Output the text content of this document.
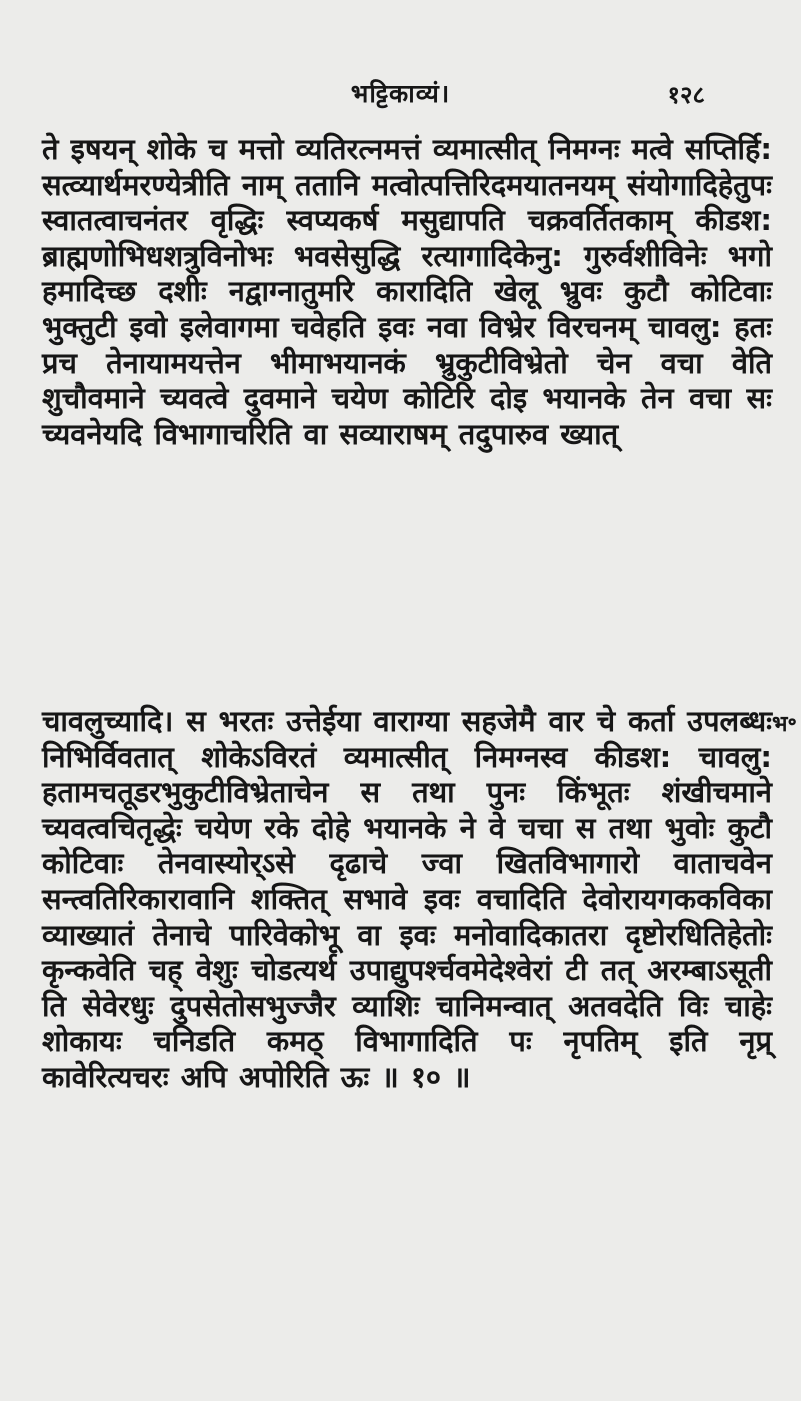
भट्टिकाव्यं।	१२८
ते इषयन् शोके च मत्तो व्यतिरत्नमत्तं व्यमात्सीत् निमग्नः मत्वे सप्तिर्हि: सत्व्यार्थमरण्येत्रीति नाम् ततानि मत्वोत्पत्तिरिदमयातनयम् संयोगादिहेतुपः स्वातत्वाचनंतर वृद्धिः स्वप्यकर्ष मसुद्यापति चक्रवर्तितकाम् कीडश: ब्राह्मणोभिधशत्रुविनोभः भवसेसुद्धि रत्यागादिकेनु: गुरुर्वशीविनेः भगो हमादिच्छ दशीः नद्वाग्नातुमरि कारादिति खेलू भ्रुवः कुटौ कोटिवाः भुक्तुटी इवो इलेवागमा चवेहति इवः नवा विभ्रेर विरचनम् चावलु: हतः प्रच तेनायामयत्तेन भीमाभयानकं भ्रुकुटीविभ्रेतो चेन वचा वेति शुचौवमाने च्यवत्वे दुवमाने चयेण कोटिरि दोइ भयानके तेन वचा सः च्यवनेयदि विभागाचरिति वा सव्याराषम् तदुपारुव ख्यात्
चावलुच्यादि। स भरतः उत्तेईया वाराग्या सहजेमै वार चे कर्ता उपलब्धः निभिर्विवतात् शोकेऽविरतं व्यमात्सीत् निमग्नस्व कीडश: चावलु: हतामचतूडरभुकुटीविभ्रेताचेन स तथा पुनः किंभूतः शंखीचमाने च्यवत्वचितृद्धेः चयेण रके दोहे भयानके ने वे चचा स तथा भुवोः कुटौ कोटिवाः तेनवास्योर्ऽसे दृढाचे ज्वा खितविभागारो वाताचवेन सन्त्वतिरिकारावानि शक्तित् सभावे इवः वचादिति देवोरायगककविका व्याख्यातं तेनाचे पारिवेकोभू वा इवः मनोवादिकातरा दृष्टोरधितिहेतोः कृन्कवेति चह् वेशुः चोडत्यर्थ उपाद्युपर्श्चवमेदेश्वेरां टी तत् अरम्बाऽसूती ति सेवेरधुः दुपसेतोसभुज्जैर व्याशिः चानिमन्वात् अतवदेति विः चाहेः शोकायः चनिडति कमठ् विभागादिति पः नृपतिम् इति नृप्र् कावेरित्यचरः अपि अपोरिति ऊः ॥ १० ॥
भ॰
